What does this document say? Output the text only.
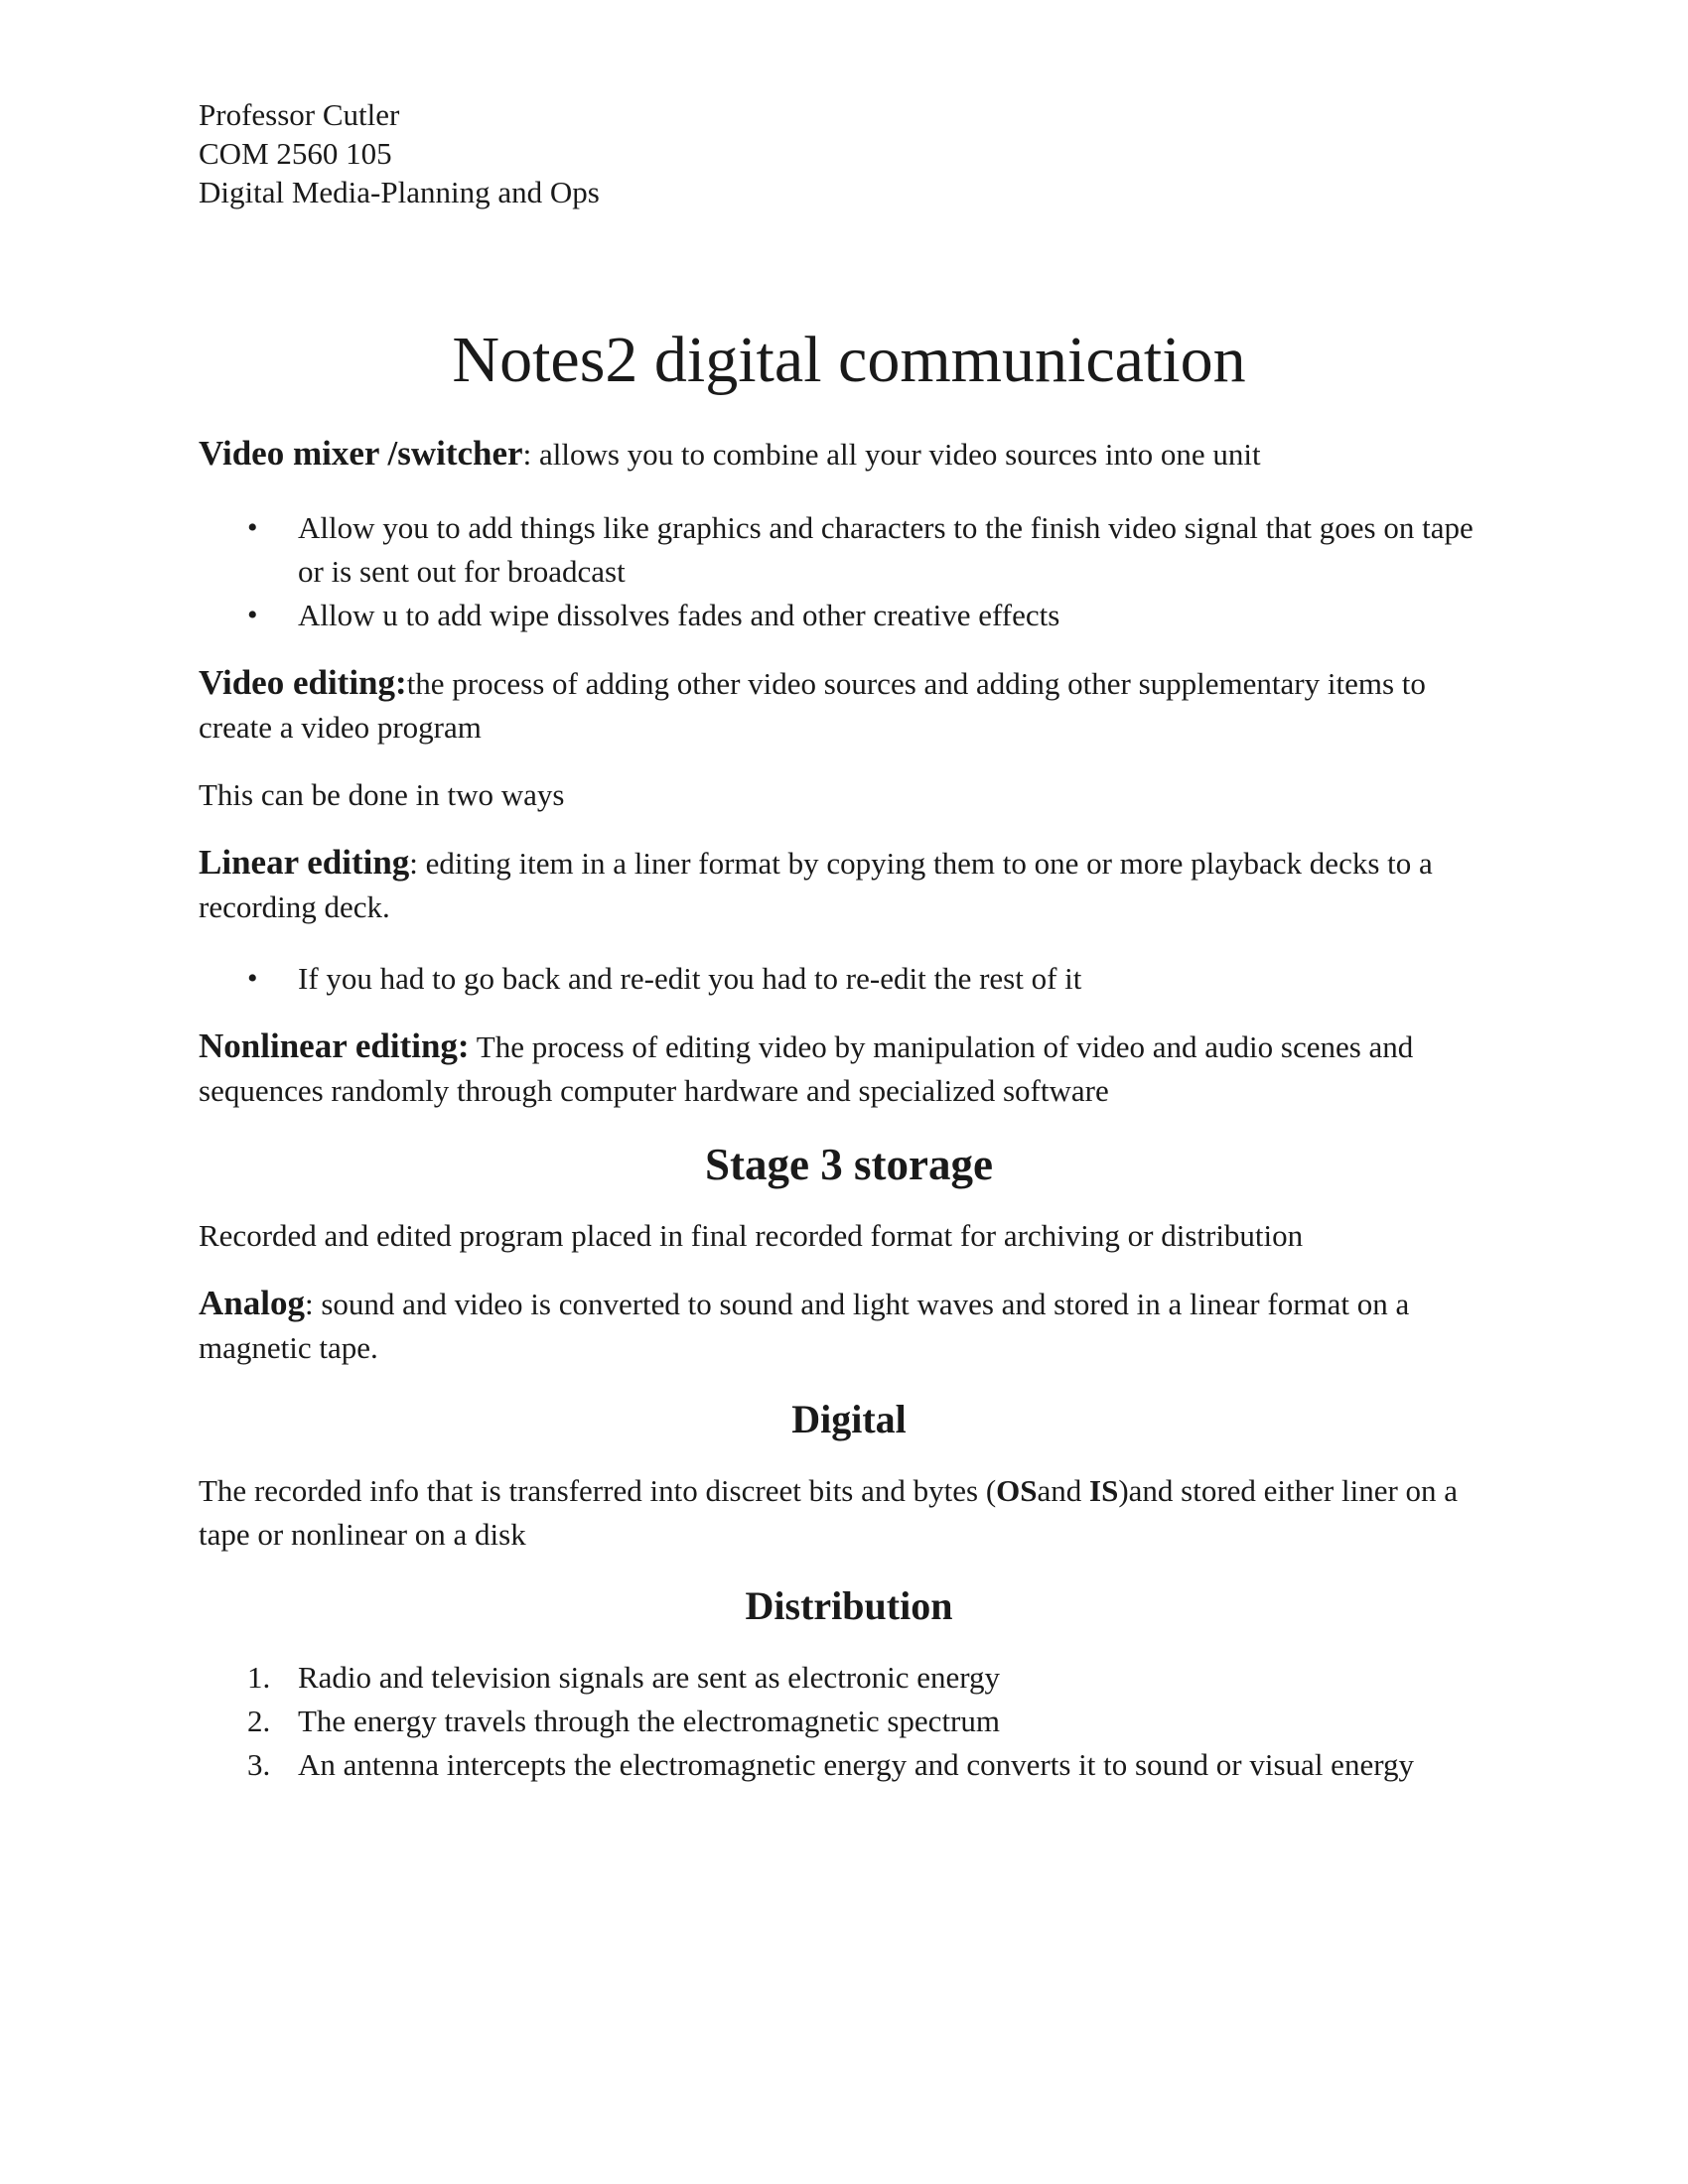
Professor Cutler

COM 2560 105

Digital Media-Planning and Ops

Notes2 digital communication

Video mixer /switcher: allows you to combine all your video sources into one unit

• Allow you to add things like graphics and characters to the finish video signal that goes on tape or is sent out for broadcast
• Allow u to add wipe dissolves fades and other creative effects

Video editing:the process of adding other video sources and adding other supplementary items to create a video program

This can be done in two ways

Linear editing: editing item in a liner format by copying them to one or more playback decks to a recording deck.

• If you had to go back and re-edit you had to re-edit the rest of it

Nonlinear editing: The process of editing video by manipulation of video and audio scenes and sequences randomly through computer hardware and specialized software

Stage 3 storage

Recorded and edited program placed in final recorded format for archiving or distribution

Analog: sound and video is converted to sound and light waves and stored in a linear format on a magnetic tape.

Digital

The recorded info that is transferred into discreet bits and bytes (OSand IS)and stored either liner on a tape or nonlinear on a disk

Distribution
1. Radio and television signals are sent as electronic energy
2. The energy travels through the electromagnetic spectrum
3. An antenna intercepts the electromagnetic energy and converts it to sound or visual energy
